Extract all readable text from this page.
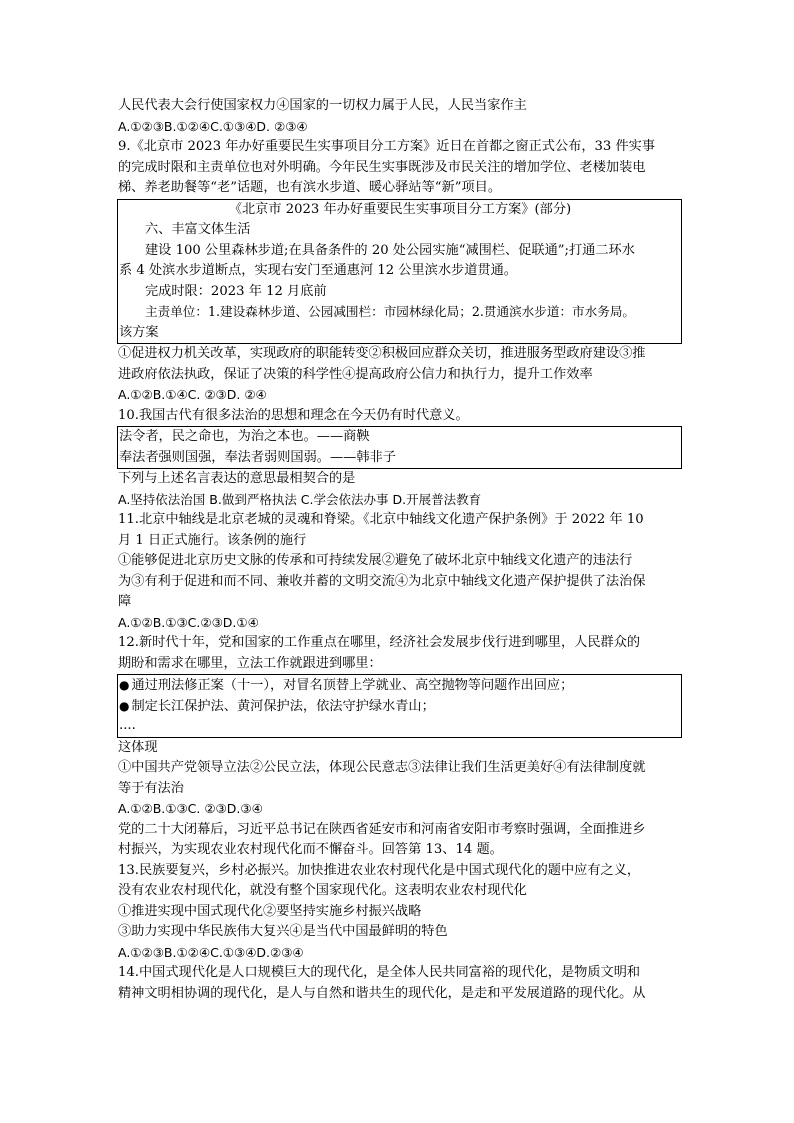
人民代表大会行使国家权力④国家的一切权力属于人民，人民当家作主
A.①②③B.①②④C.①③④D. ②③④
9.《北京市 2023 年办好重要民生实事项目分工方案》近日在首都之窗正式公布，33 件实事
的完成时限和主责单位也对外明确。今年民生实事既涉及市民关注的增加学位、老楼加装电
梯、养老助餐等“老”话题，也有滨水步道、暖心驿站等“新”项目。
《北京市 2023 年办好重要民生实事项目分工方案》(部分)
六、丰富文体生活
建设 100 公里森林步道;在具备条件的 20 处公园实施“减围栏、促联通”;打通二环水
系 4 处滨水步道断点，实现右安门至通惠河 12 公里滨水步道贯通。
完成时限：2023 年 12 月底前
主责单位：1.建设森林步道、公园减围栏：市园林绿化局；2.贯通滨水步道：市水务局。
该方案
①促进权力机关改革，实现政府的职能转变②积极回应群众关切，推进服务型政府建设③推
进政府依法执政，保证了决策的科学性④提高政府公信力和执行力，提升工作效率
A.①②B.①④C. ②③D. ②④
10.我国古代有很多法治的思想和理念在今天仍有时代意义。
法令者，民之命也，为治之本也。——商鞅
奉法者强则国强，奉法者弱则国弱。——韩非子
下列与上述名言表达的意思最相契合的是
A.坚持依法治国 B.做到严格执法 C.学会依法办事 D.开展普法教育
11.北京中轴线是北京老城的灵魂和脊梁。《北京中轴线文化遗产保护条例》于 2022 年 10
月 1 日正式施行。该条例的施行
①能够促进北京历史文脉的传承和可持续发展②避免了破坏北京中轴线文化遗产的违法行
为③有利于促进和而不同、兼收并蓄的文明交流④为北京中轴线文化遗产保护提供了法治保
障
A.①②B.①③C.②③D.①④
12.新时代十年，党和国家的工作重点在哪里，经济社会发展步伐行进到哪里，人民群众的
期盼和需求在哪里，立法工作就跟进到哪里：
● 通过刑法修正案（十一），对冒名顶替上学就业、高空抛物等问题作出回应；
● 制定长江保护法、黄河保护法，依法守护绿水青山；
....
这体现
①中国共产党领导立法②公民立法，体现公民意志③法律让我们生活更美好④有法律制度就
等于有法治
A.①②B.①③C. ②③D.③④
党的二十大闭幕后，习近平总书记在陕西省延安市和河南省安阳市考察时强调，全面推进乡
村振兴，为实现农业农村现代化而不懈奋斗。回答第 13、14 题。
13.民族要复兴，乡村必振兴。加快推进农业农村现代化是中国式现代化的题中应有之义，
没有农业农村现代化，就没有整个国家现代化。这表明农业农村现代化
①推进实现中国式现代化②要坚持实施乡村振兴战略
③助力实现中华民族伟大复兴④是当代中国最鲜明的特色
A.①②③B.①②④C.①③④D.②③④
14.中国式现代化是人口规模巨大的现代化，是全体人民共同富裕的现代化，是物质文明和
精神文明相协调的现代化，是人与自然和谐共生的现代化，是走和平发展道路的现代化。从
